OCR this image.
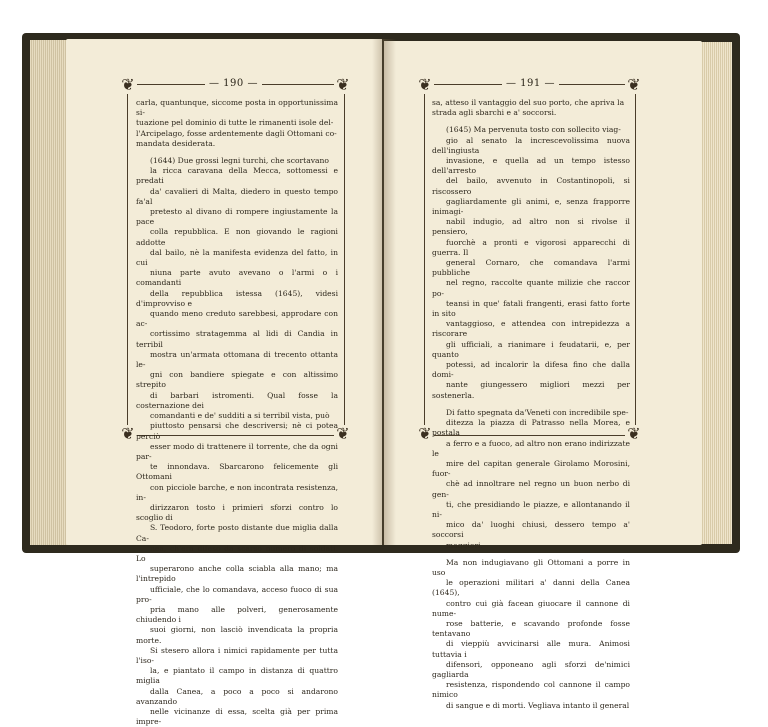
❦	❦
❦	❦
— 190 —

carla, quantunque, siccome posta in opportunissima si-

tuazione pel dominio di tutte le rimanenti isole del-

l'Arcipelago, fosse ardentemente dagli Ottomani co-

mandata desiderata.

(1644) Due grossi legni turchi, che scortavano

la ricca caravana della Mecca, sottomessi e predati

da' cavalieri di Malta, diedero in questo tempo fa'al

pretesto al divano di rompere ingiustamente la pace

colla repubblica. E non giovando le ragioni addotte

dal bailo, nè la manifesta evidenza del fatto, in cui

niuna parte avuto avevano o l'armi o i comandanti

della repubblica istessa (1645), videsi d'improvviso e

quando meno creduto sarebbesi, approdare con ac-

cortissimo stratagemma al lidi di Candia in terribil

mostra un'armata ottomana di trecento ottanta le-

gni con bandiere spiegate e con altissimo strepito

di barbari istromenti. Qual fosse la costernazione dei

comandanti e de' sudditi a si terribil vista, può

piuttosto pensarsi che descriversi; nè ci potea perciò

esser modo di trattenere il torrente, che da ogni par-

te innondava. Sbarcarono felicemente gli Ottomani

con picciole barche, e non incontrata resistenza, in-

dirizzaron tosto i primieri sforzi contro lo scoglio di

S. Teodoro, forte posto distante due miglia dalla Ca-

nea, ch'era difeso da scarso numero di soldati. Lo

superarono anche colla sciabla alla mano; ma l'intrepido

ufficiale, che lo comandava, acceso fuoco di sua pro-

pria mano alle polveri, generosamente chiudendo i

suoi giorni, non lasciò invendicata la propria morte.

Si stesero allora i nimici rapidamente per tutta l'iso-

la, e piantato il campo in distanza di quattro miglia

dalla Canea, a poco a poco si andarono avanzando

nelle vicinanze di essa, scelta già per prima impre-

❦	❦
❦	❦
— 191 —

sa, atteso il vantaggio del suo porto, che apriva la

strada agli sbarchi e a' soccorsi.

(1645) Ma pervenuta tosto con sollecito viag-

gio al senato la increscevolissima nuova dell'ingiusta

invasione, e quella ad un tempo istesso dell'arresto

del bailo, avvenuto in Costantinopoli, si riscossero

gagliardamente gli animi, e, senza frapporre inimagi-

nabil indugio, ad altro non si rivolse il pensiero,

fuorchè a pronti e vigorosi apparecchi di guerra. Il

general Cornaro, che comandava l'armi pubbliche

nel regno, raccolte quante milizie che raccor po-

teansi in que' fatali frangenti, erasi fatto forte in sito

vantaggioso, e attendea con intrepidezza a riscorare

gli ufficiali, a rianimare i feudatarii, e, per quanto

potessi, ad incalorir la difesa fino che dalla domi-

nante giungessero migliori mezzi per sostenerla.

Di fatto spegnata da'Veneti con incredibile spe-

ditezza la piazza di Patrasso nella Morea, e postala

a ferro e a fuoco, ad altro non erano indirizzate le

mire del capitan generale Girolamo Morosini, fuor-

chè ad innoltrare nel regno un buon nerbo di gen-

ti, che presidiando le piazze, e allontanando il ni-

mico da' luoghi chiusi, dessero tempo a' soccorsi

maggiori.

Ma non indugiavano gli Ottomani a porre in uso

le operazioni militari a' danni della Canea (1645),

contro cui già facean giuocare il cannone di nume-

rose batterie, e scavando profonde fosse tentavano

di vieppiù avvicinarsi alle mura. Animosi tuttavia i

difensori, opponeano agli sforzi de'nimici gagliarda

resistenza, rispondendo col cannone il campo nimico

di sangue e di morti. Vegliava intanto il general
